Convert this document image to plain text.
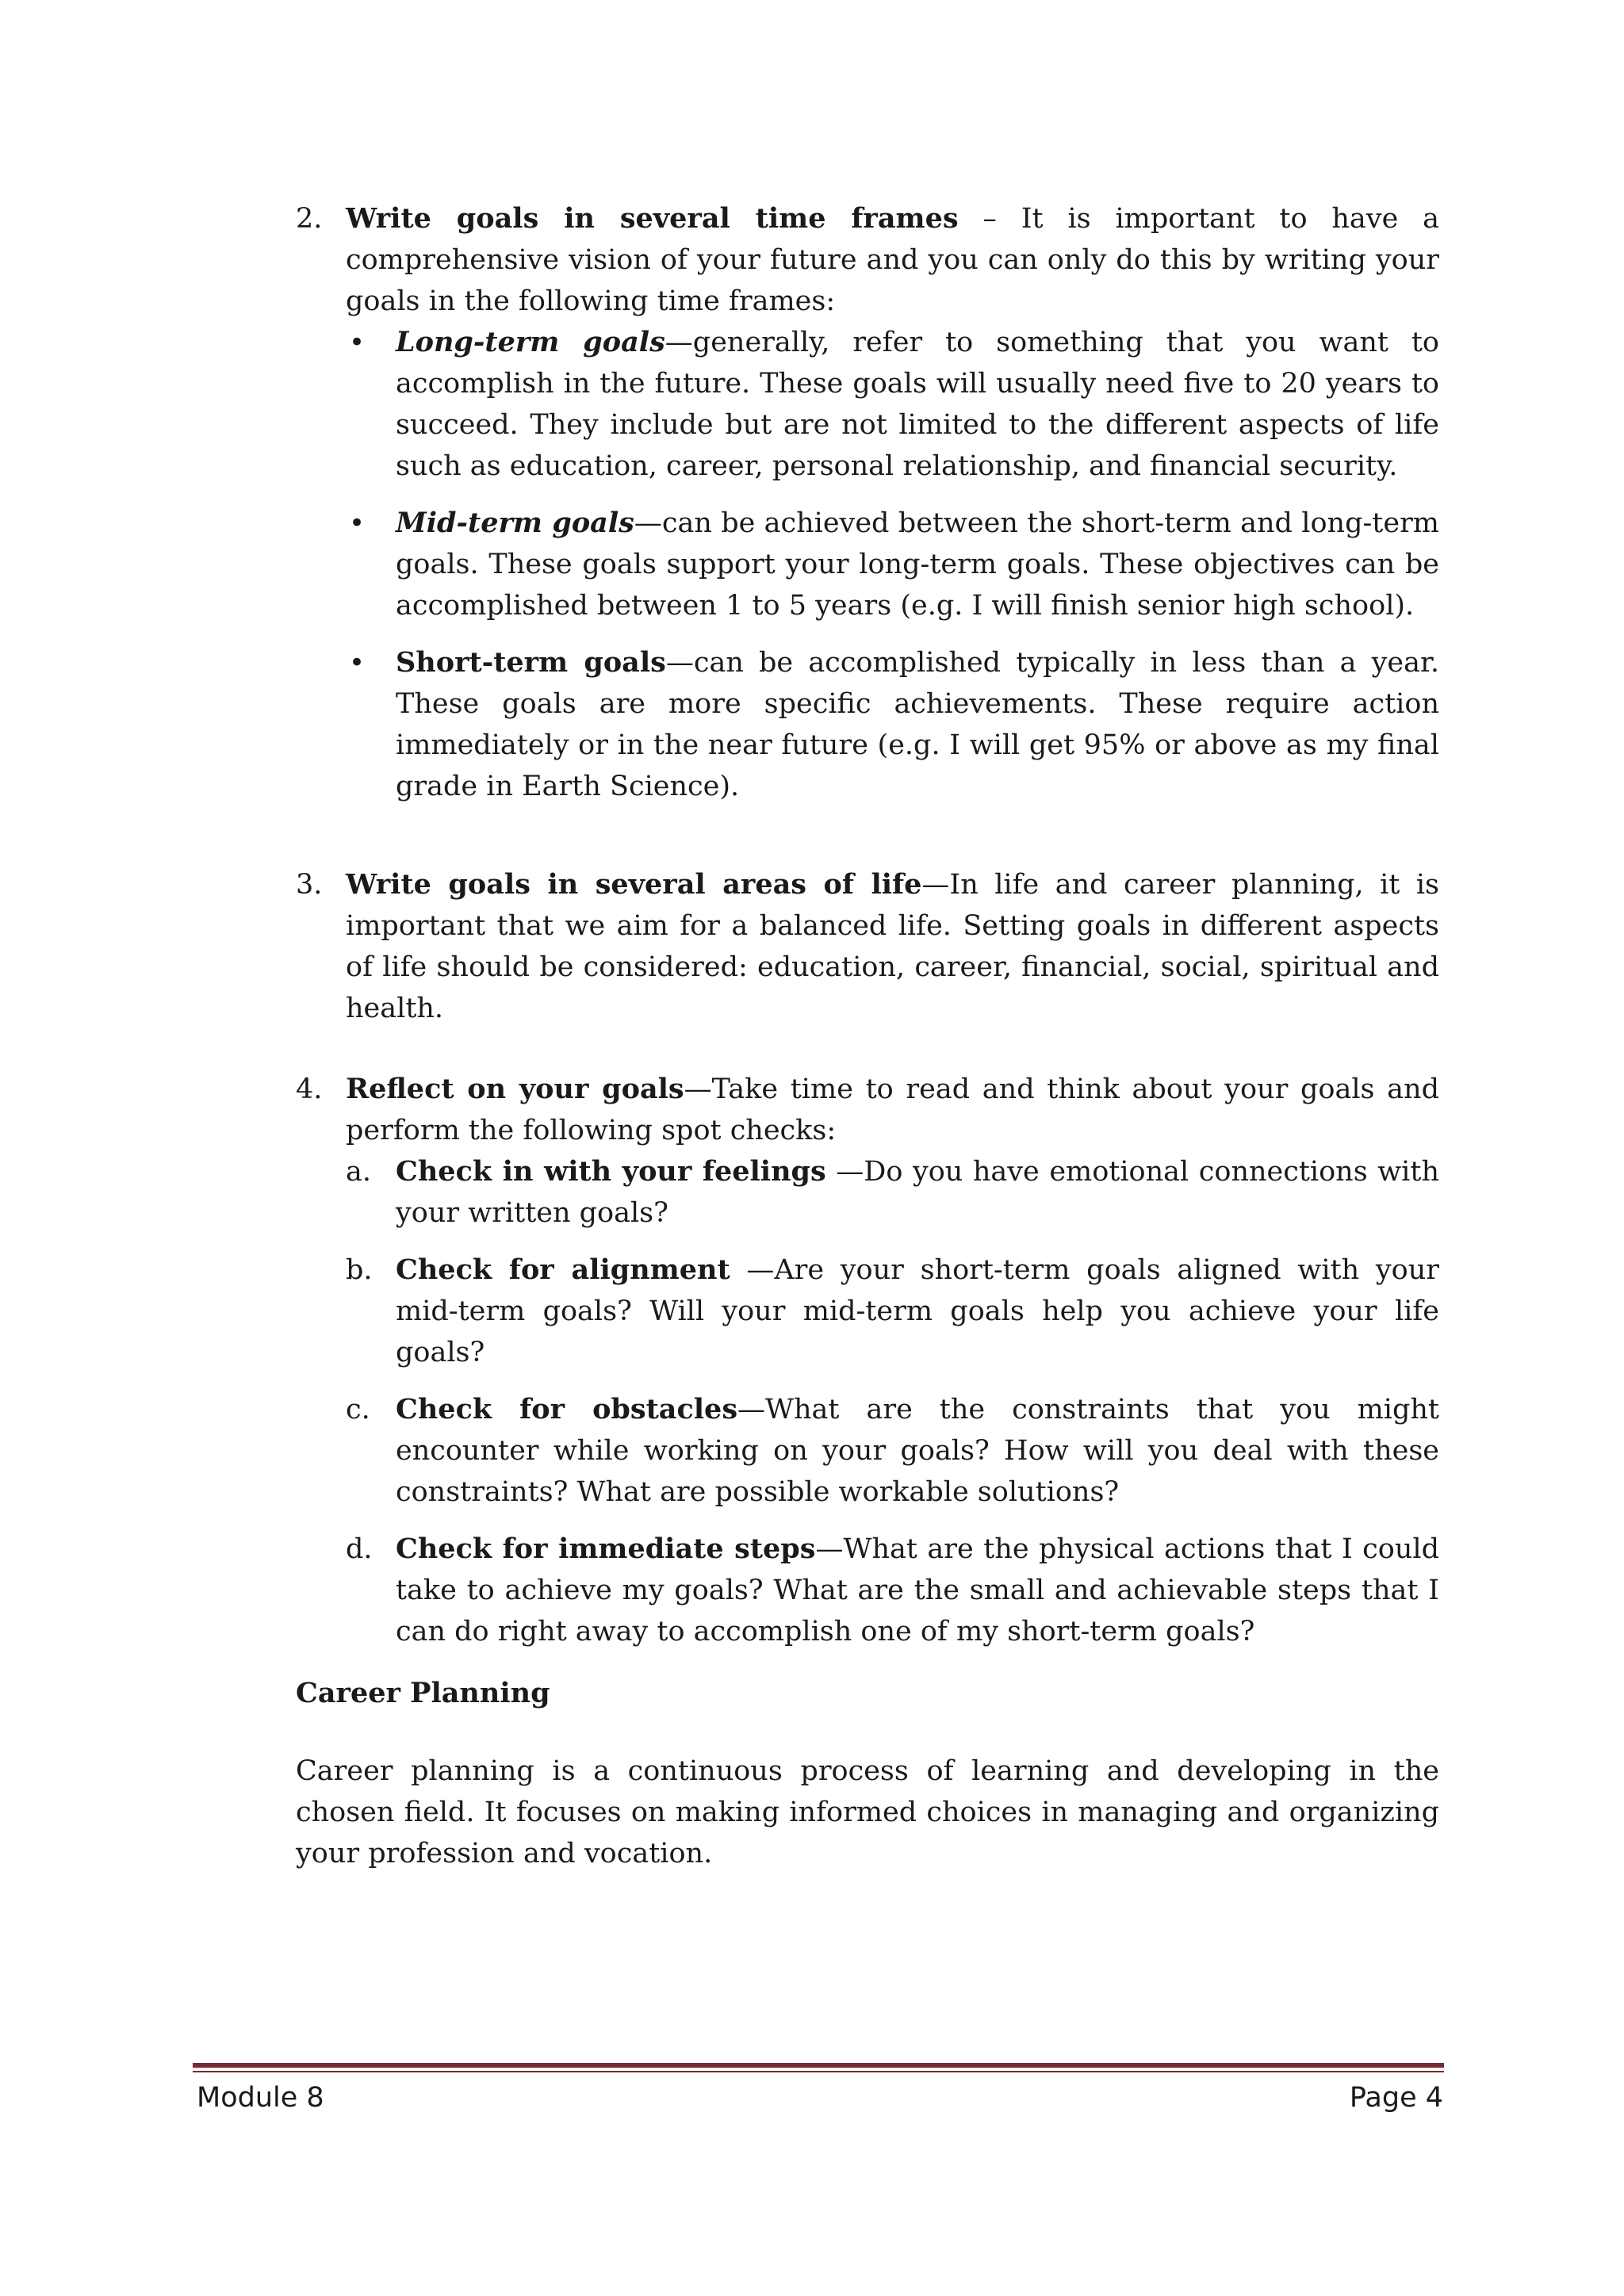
2. Write goals in several time frames – It is important to have a comprehensive vision of your future and you can only do this by writing your goals in the following time frames:
• Long-term goals—generally, refer to something that you want to accomplish in the future. These goals will usually need five to 20 years to succeed. They include but are not limited to the different aspects of life such as education, career, personal relationship, and financial security.
• Mid-term goals—can be achieved between the short-term and long-term goals. These goals support your long-term goals. These objectives can be accomplished between 1 to 5 years (e.g. I will finish senior high school).
• Short-term goals—can be accomplished typically in less than a year. These goals are more specific achievements. These require action immediately or in the near future (e.g. I will get 95% or above as my final grade in Earth Science).
3. Write goals in several areas of life—In life and career planning, it is important that we aim for a balanced life. Setting goals in different aspects of life should be considered: education, career, financial, social, spiritual and health.
4. Reflect on your goals—Take time to read and think about your goals and perform the following spot checks:
a. Check in with your feelings —Do you have emotional connections with your written goals?
b. Check for alignment —Are your short-term goals aligned with your mid-term goals? Will your mid-term goals help you achieve your life goals?
c. Check for obstacles—What are the constraints that you might encounter while working on your goals? How will you deal with these constraints? What are possible workable solutions?
d. Check for immediate steps—What are the physical actions that I could take to achieve my goals? What are the small and achievable steps that I can do right away to accomplish one of my short-term goals?
Career Planning
Career planning is a continuous process of learning and developing in the chosen field. It focuses on making informed choices in managing and organizing your profession and vocation.
Module 8	Page 4
